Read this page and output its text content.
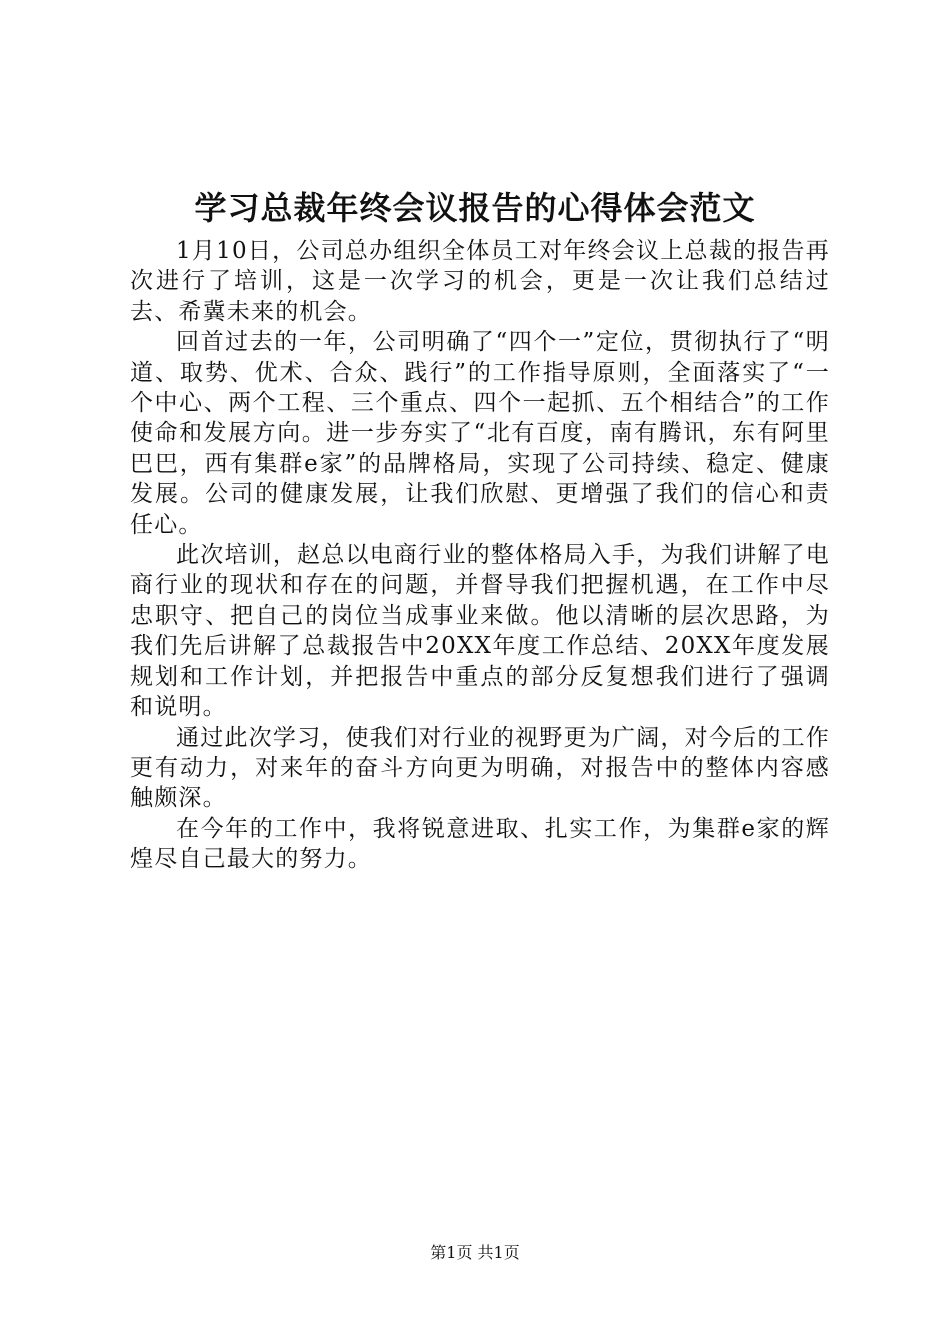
学习总裁年终会议报告的心得体会范文

1月10日，公司总办组织全体员工对年终会议上总裁的报告再次进行了培训，这是一次学习的机会，更是一次让我们总结过去、希冀未来的机会。

回首过去的一年，公司明确了“四个一”定位，贯彻执行了“明道、取势、优术、合众、践行”的工作指导原则，全面落实了“一个中心、两个工程、三个重点、四个一起抓、五个相结合”的工作使命和发展方向。进一步夯实了“北有百度，南有腾讯，东有阿里巴巴，西有集群e家”的品牌格局，实现了公司持续、稳定、健康发展。公司的健康发展，让我们欣慰、更增强了我们的信心和责任心。

此次培训，赵总以电商行业的整体格局入手，为我们讲解了电商行业的现状和存在的问题，并督导我们把握机遇，在工作中尽忠职守、把自己的岗位当成事业来做。他以清晰的层次思路，为我们先后讲解了总裁报告中20XX年度工作总结、20XX年度发展规划和工作计划，并把报告中重点的部分反复想我们进行了强调和说明。

通过此次学习，使我们对行业的视野更为广阔，对今后的工作更有动力，对来年的奋斗方向更为明确，对报告中的整体内容感触颇深。

在今年的工作中，我将锐意进取、扎实工作，为集群e家的辉煌尽自己最大的努力。

第1页 共1页
